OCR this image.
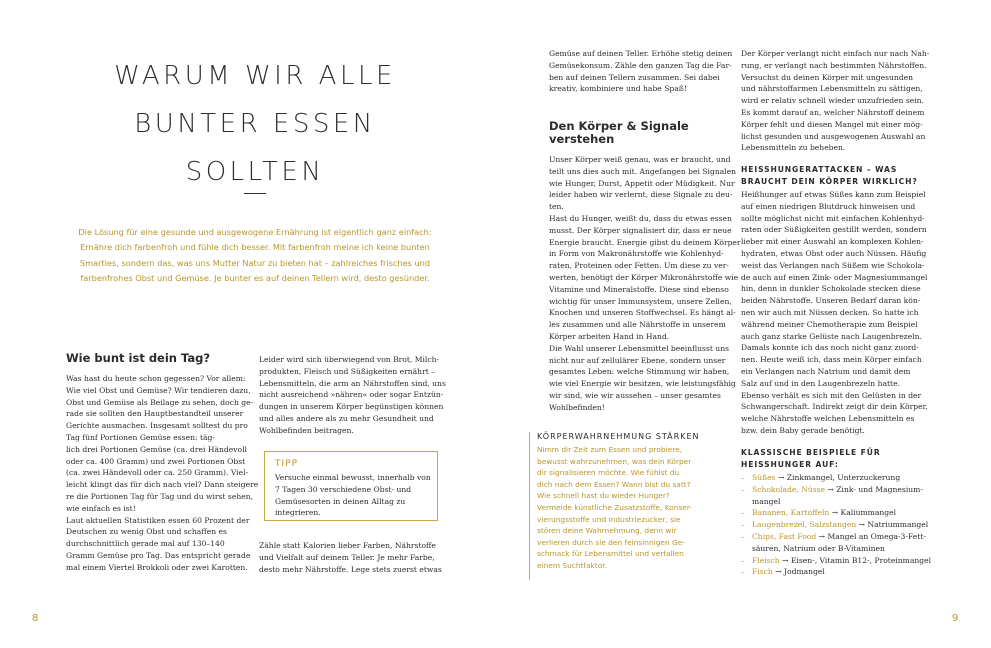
WARUM WIR ALLE
BUNTER ESSEN
SOLLTEN
Die Lösung für eine gesunde und ausgewogene Ernährung ist eigentlich ganz einfach:
Ernähre dich farbenfroh und fühle dich besser. Mit farbenfroh meine ich keine bunten
Smarties, sondern das, was uns Mutter Natur zu bieten hat – zahlreiches frisches und
farbenfrohes Obst und Gemüse. Je bunter es auf deinen Tellern wird, desto gesünder.
Wie bunt ist dein Tag?
Was hast du heute schon gegessen? Vor allem:
Wie viel Obst und Gemüse? Wir tendieren dazu,
Obst und Gemüse als Beilage zu sehen, doch ge-
rade sie sollten den Hauptbestandteil unserer
Gerichte ausmachen. Insgesamt solltest du pro
Tag fünf Portionen Gemüse essen: täg-
lich drei Portionen Gemüse (ca. drei Händevoll
oder ca. 400 Gramm) und zwei Portionen Obst
(ca. zwei Händevoll oder ca. 250 Gramm). Viel-
leicht klingt das für dich nach viel? Dann steigere
re die Portionen Tag für Tag und du wirst sehen,
wie einfach es ist!
Laut aktuellen Statistiken essen 60 Prozent der
Deutschen zu wenig Obst und schaffen es
durchschnittlich gerade mal auf 130–140
Gramm Gemüse pro Tag. Das entspricht gerade
mal einem Viertel Brokkoli oder zwei Karotten.
Leider wird sich überwiegend von Brot, Milch-
produkten, Fleisch und Süßigkeiten ernährt –
Lebensmitteln, die arm an Nährstoffen sind, uns
nicht ausreichend »nähren« oder sogar Entzün-
dungen in unserem Körper begünstigen können
und alles andere als zu mehr Gesundheit und
Wohlbefinden beitragen.
TIPP
Versuche einmal bewusst, innerhalb von
7 Tagen 30 verschiedene Obst- und
Gemüsesorten in deinen Alltag zu
integrieren.
Zähle statt Kalorien lieber Farben, Nährstoffe
und Vielfalt auf deinem Teller. Je mehr Farbe,
desto mehr Nährstoffe. Lege stets zuerst etwas
8
Gemüse auf deinen Teller. Erhöhe stetig deinen
Gemüsekonsum. Zähle den ganzen Tag die Far-
ben auf deinen Tellern zusammen. Sei dabei
kreativ, kombiniere und habe Spaß!
Den Körper & Signale
verstehen
Unser Körper weiß genau, was er braucht, und
teilt uns dies auch mit. Angefangen bei Signalen
wie Hunger, Durst, Appetit oder Müdigkeit. Nur
leider haben wir verlernt, diese Signale zu deu-
ten.
Hast du Hunger, weißt du, dass du etwas essen
musst. Der Körper signalisiert dir, dass er neue
Energie braucht. Energie gibst du deinem Körper
in Form von Makronährstoffe wie Kohlenhyd-
raten, Proteinen oder Fetten. Um diese zu ver-
werten, benötigt der Körper Mikronährstoffe wie
Vitamine und Mineralstoffe. Diese sind ebenso
wichtig für unser Immunsystem, unsere Zellen,
Knochen und unseren Stoffwechsel. Es hängt al-
les zusammen und alle Nährstoffe in unserem
Körper arbeiten Hand in Hand.
Die Wahl unserer Lebensmittel beeinflusst uns
nicht nur auf zellulärer Ebene, sondern unser
gesamtes Leben: welche Stimmung wir haben,
wie viel Energie wir besitzen, wie leistungsfähig
wir sind, wie wir aussehen – unser gesamtes
Wohlbefinden!
KÖRPERWAHRNEHMUNG STÄRKEN
Nimm dir Zeit zum Essen und probiere,
bewusst wahrzunehmen, was dein Körper
dir signalisieren möchte. Wie fühlst du
dich nach dem Essen? Wann bist du satt?
Wie schnell hast du wieder Hunger?
Vermeide künstliche Zusatzstoffe, Konser-
vierungsstoffe und Industriezucker, sie
stören deine Wahrnehmung, denn wir
verlieren durch sie den feinsinnigen Ge-
schmack für Lebensmittel und verfallen
einem Suchtfaktor.
Der Körper verlangt nicht einfach nur nach Nah-
rung, er verlangt nach bestimmten Nährstoffen.
Versuchst du deinen Körper mit ungesunden
und nährstoffarmen Lebensmitteln zu sättigen,
wird er relativ schnell wieder unzufrieden sein.
Es kommt darauf an, welcher Nährstoff deinem
Körper fehlt und diesen Mangel mit einer mög-
lichst gesunden und ausgewogenen Auswahl an
Lebensmitteln zu beheben.
HEISSHUNGERATTACKEN – WAS
BRAUCHT DEIN KÖRPER WIRKLICH?
Heißhunger auf etwas Süßes kann zum Beispiel
auf einen niedrigen Blutdruck hinweisen und
sollte möglichst nicht mit einfachen Kohlenhyd-
raten oder Süßigkeiten gestillt werden, sondern
lieber mit einer Auswahl an komplexen Kohlen-
hydraten, etwas Obst oder auch Nüssen. Häufig
weist das Verlangen nach Süßem wie Schokola-
de auch auf einen Zink- oder Magnesiummangel
hin, denn in dunkler Schokolade stecken diese
beiden Nährstoffe. Unseren Bedarf daran kön-
nen wir auch mit Nüssen decken. So hatte ich
während meiner Chemotherapie zum Beispiel
auch ganz starke Gelüste nach Laugenbrezeln.
Damals konnte ich das noch nicht ganz zuord-
nen. Heute weiß ich, dass mein Körper einfach
ein Verlangen nach Natrium und damit dem
Salz auf und in den Laugenbrezeln hatte.
Ebenso verhält es sich mit den Gelüsten in der
Schwangerschaft. Indirekt zeigt dir dein Körper,
welche Nährstoffe welchen Lebensmitteln es
bzw. dein Baby gerade benötigt.
KLASSISCHE BEISPIELE FÜR
HEISSHUNGER AUF:
– Süßes → Zinkmangel, Unterzuckerung
– Schokolade, Nüsse → Zink- und Magnesium-
mangel
– Bananen, Kartoffeln → Kaliummangel
– Laugenbrezel, Salzstangen → Natriummangel
– Chips, Fast Food → Mangel an Omega-3-Fett-
säuren, Natrium oder B-Vitaminen
– Fleisch → Eisen-, Vitamin B12-, Proteinmangel
– Fisch → Jodmangel
9
